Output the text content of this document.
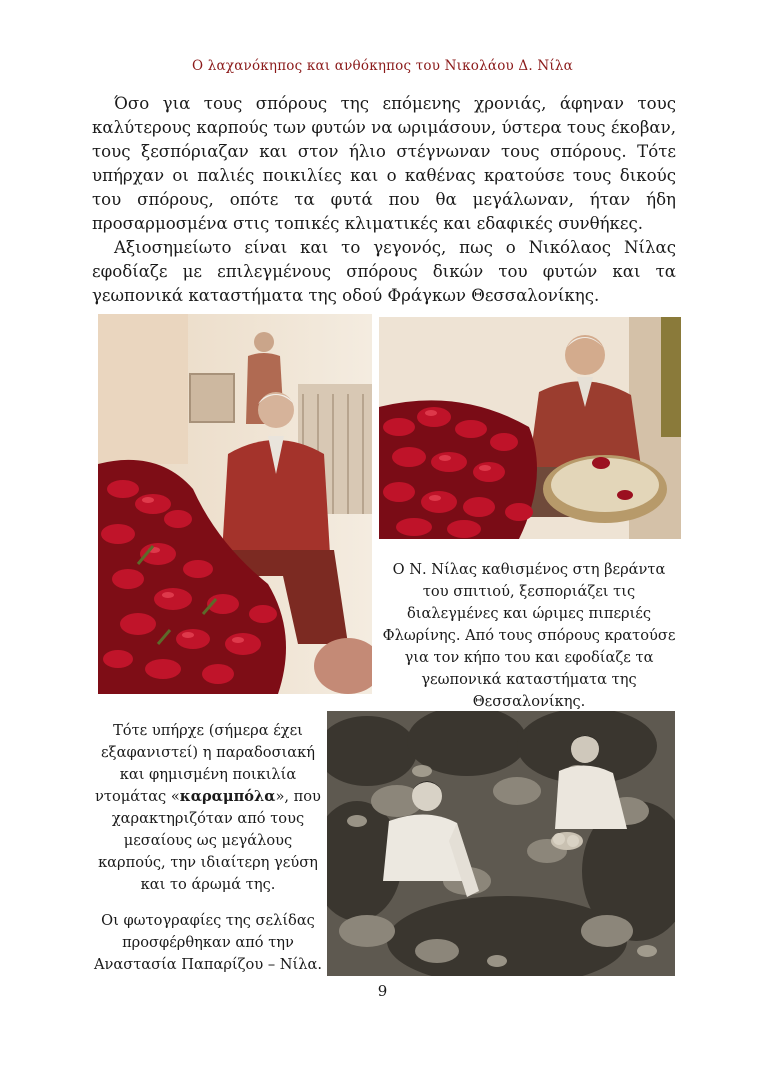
Ο λαχανόκηπος και ανθόκηπος του Νικολάου Δ. Νίλα

Όσο για τους σπόρους της επόμενης χρονιάς, άφηναν τους καλύτερους καρπούς των φυτών να ωριμάσουν, ύστερα τους έκοβαν, τους ξεσπόριαζαν και στον ήλιο στέγνωναν τους σπόρους. Τότε υπήρχαν οι παλιές ποικιλίες και ο καθένας κρατούσε τους δικούς του σπόρους, οπότε τα φυτά που θα μεγάλωναν, ήταν ήδη προσαρμοσμένα στις τοπικές κλιματικές και εδαφικές συνθήκες.

Αξιοσημείωτο είναι και το γεγονός, πως ο Νικόλαος Νίλας εφοδίαζε με επιλεγμένους σπόρους δικών του φυτών και τα γεωπονικά καταστήματα της οδού Φράγκων Θεσσαλονίκης.

Ο Ν. Νίλας καθισμένος στη βεράντα του σπιτιού, ξεσποριάζει τις διαλεγμένες και ώριμες πιπεριές Φλωρίνης. Από τους σπόρους κρατούσε για τον κήπο του και εφοδίαζε τα γεωπονικά καταστήματα της Θεσσαλονίκης.

Τότε υπήρχε (σήμερα έχει εξαφανιστεί) η παραδοσιακή και φημισμένη ποικιλία ντομάτας «καραμπόλα», που χαρακτηριζόταν από τους μεσαίους ως μεγάλους καρπούς, την ιδιαίτερη γεύση και το άρωμά της.

Οι φωτογραφίες της σελίδας προσφέρθηκαν από την Αναστασία Παπαρίζου – Νίλα.

9
